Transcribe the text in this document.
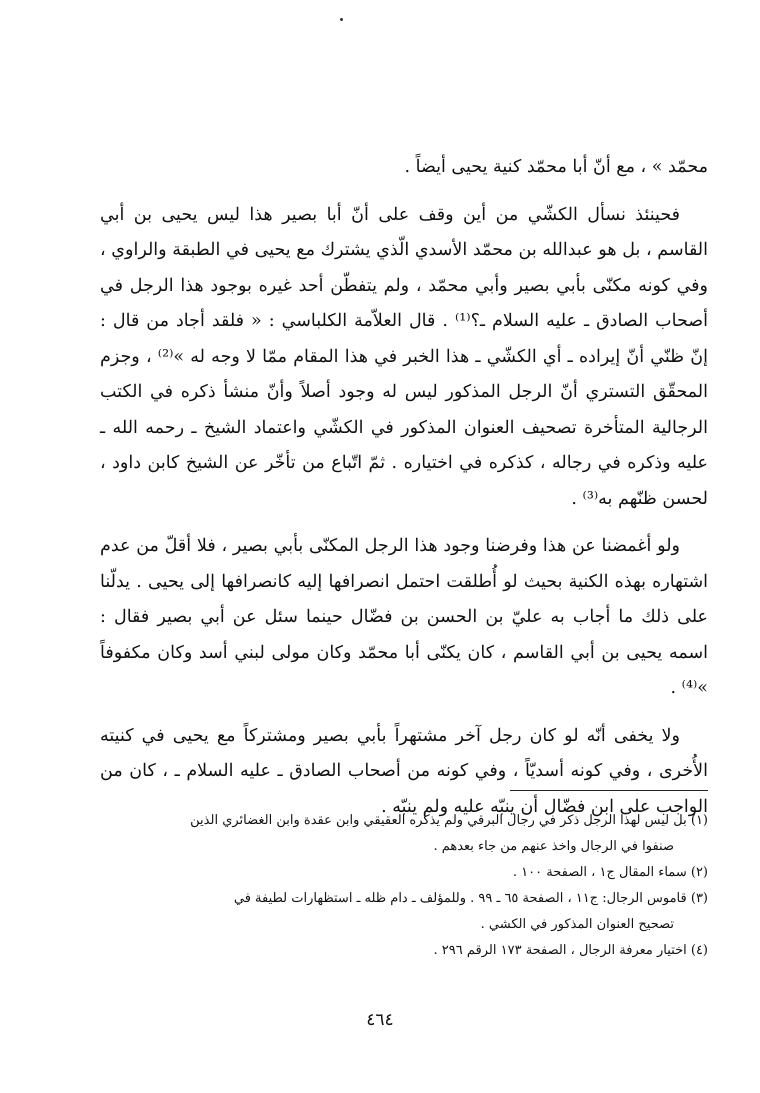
محمّد » ، مع أنّ أبا محمّد كنية يحيى أيضاً .

فحينئذ نسأل الكشّي من أين وقف على أنّ أبا بصير هذا ليس يحيى بن أبي القاسم ، بل هو عبدالله بن محمّد الأسدي الّذي يشترك مع يحيى في الطبقة والراوي ، وفي كونه مكنّى بأبي بصير وأبي محمّد ، ولم يتفطّن أحد غيره بوجود هذا الرجل في أصحاب الصادق ـ عليه السلام ـ؟⁽¹⁾ . قال العلاّمة الكلباسي : « فلقد أجاد من قال : إنّ ظنّي أنّ إيراده ـ أي الكشّي ـ هذا الخبر في هذا المقام ممّا لا وجه له »⁽²⁾ ، وجزم المحقّق التستري أنّ الرجل المذكور ليس له وجود أصلاً وأنّ منشأ ذكره في الكتب الرجالية المتأخرة تصحيف العنوان المذكور في الكشّي واعتماد الشيخ ـ رحمه الله ـ عليه وذكره في رجاله ، كذكره في اختياره . ثمّ اتّباع من تأخّر عن الشيخ كابن داود ، لحسن ظنّهم به⁽³⁾ .

ولو أغمضنا عن هذا وفرضنا وجود هذا الرجل المكنّى بأبي بصير ، فلا أقلّ من عدم اشتهاره بهذه الكنية بحيث لو أُطلقت احتمل انصرافها إليه كانصرافها إلى يحيى . يدلّنا على ذلك ما أجاب به عليّ بن الحسن بن فضّال حينما سئل عن أبي بصير فقال : اسمه يحيى بن أبي القاسم ، كان يكنّى أبا محمّد وكان مولى لبني أسد وكان مكفوفاً »⁽⁴⁾ .

ولا يخفى أنّه لو كان رجل آخر مشتهراً بأبي بصير ومشتركاً مع يحيى في كنيته الأُخرى ، وفي كونه أسديّاً ، وفي كونه من أصحاب الصادق ـ عليه السلام ـ ، كان من الواجب على ابن فضّال أن ينبّه عليه ولم ينبّه .

(١) بل ليس لهذا الرجل ذكر في رجال البرقي ولم يذكره العقيقي وابن عقدة وابن الغضائري الذين
صنفوا في الرجال واخذ عنهم من جاء بعدهم .
(٢) سماء المقال ج١ ، الصفحة ١٠٠ .
(٣) قاموس الرجال: ج١١ ، الصفحة ٦٥ ـ ٩٩ . وللمؤلف ـ دام ظله ـ استظهارات لطيفة في
تصحيح العنوان المذكور في الكشي .
(٤) اختيار معرفة الرجال ، الصفحة ١٧٣ الرقم ٢٩٦ .
٤٦٤
